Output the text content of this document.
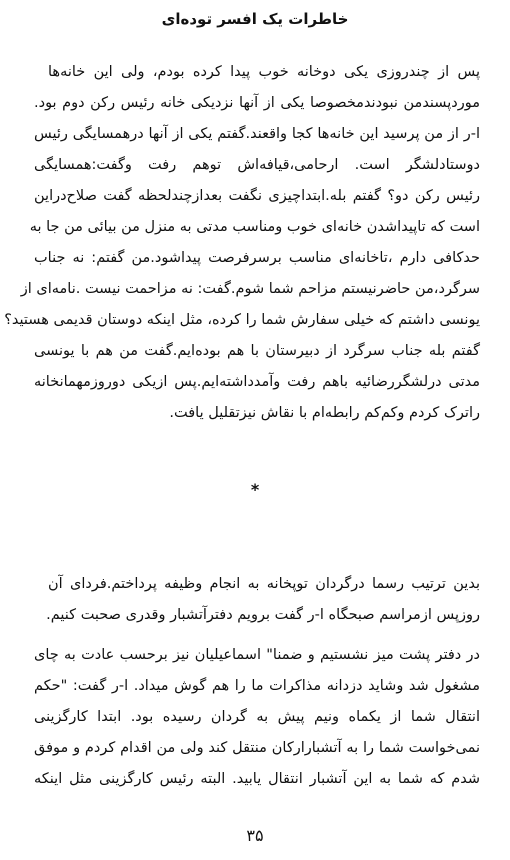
خاطرات یک افسر توده‌ای
پس از چندروزی یکی دوخانه خوب پیدا کرده بودم، ولی این خانه‌ها
موردپسندمن نبودندمخصوصا یکی از آنها نزدیکی خانه رئیس رکن دوم بود.
ا-ر از من پرسید این خانه‌ها کجا واقعند.گفتم یکی از آنها درهمسایگی رئیس
دوستادلشگر است. ارحامی،قیافه‌اش توهم رفت وگفت:همسایگی
رئیس رکن دو؟ گفتم بله.ابتداچیزی نگفت بعدازچندلحظه گفت صلاح‌دراین
است که تاپیداشدن خانه‌ای خوب ومناسب مدتی به منزل من بیائی من جا به
حدکافی دارم ،تاخانه‌ای مناسب برسرفرصت پیداشود.من گفتم: نه جناب
سرگرد،من حاضرنیستم مزاحم شما شوم.گفت: نه مزاحمت نیست .نامه‌ای از
یونسی داشتم که خیلی سفارش شما را کرده، مثل اینکه دوستان قدیمی هستید؟
گفتم بله جناب سرگرد از دبیرستان با هم بوده‌ایم.گفت من هم با یونسی
مدتی درلشگررضائیه باهم رفت وآمدداشته‌ایم.پس ازیکی دوروزمهمانخانه
راترک کردم وکم‌کم رابطه‌ام با نقاش نیزتقلیل یافت.
*
بدین ترتیب رسما درگردان توپخانه به انجام وظیفه پرداختم.فردای آن
روزپس ازمراسم صبحگاه ا-ر گفت برویم دفترآتشبار وقدری صحبت کنیم.
در دفتر پشت میز نشستیم و ضمنا" اسماعیلیان نیز برحسب عادت به چای
مشغول شد وشاید دزدانه مذاکرات ما را هم گوش میداد. ا-ر گفت: "حکم
انتقال شما از یکماه ونیم پیش به گردان رسیده بود. ابتدا کارگزینی
نمی‌خواست شما را به آتشبارارکان منتقل کند ولی من اقدام کردم و موفق
شدم که شما به این آتشبار انتقال یابید. البته رئیس کارگزینی مثل اینکه
۳۵
